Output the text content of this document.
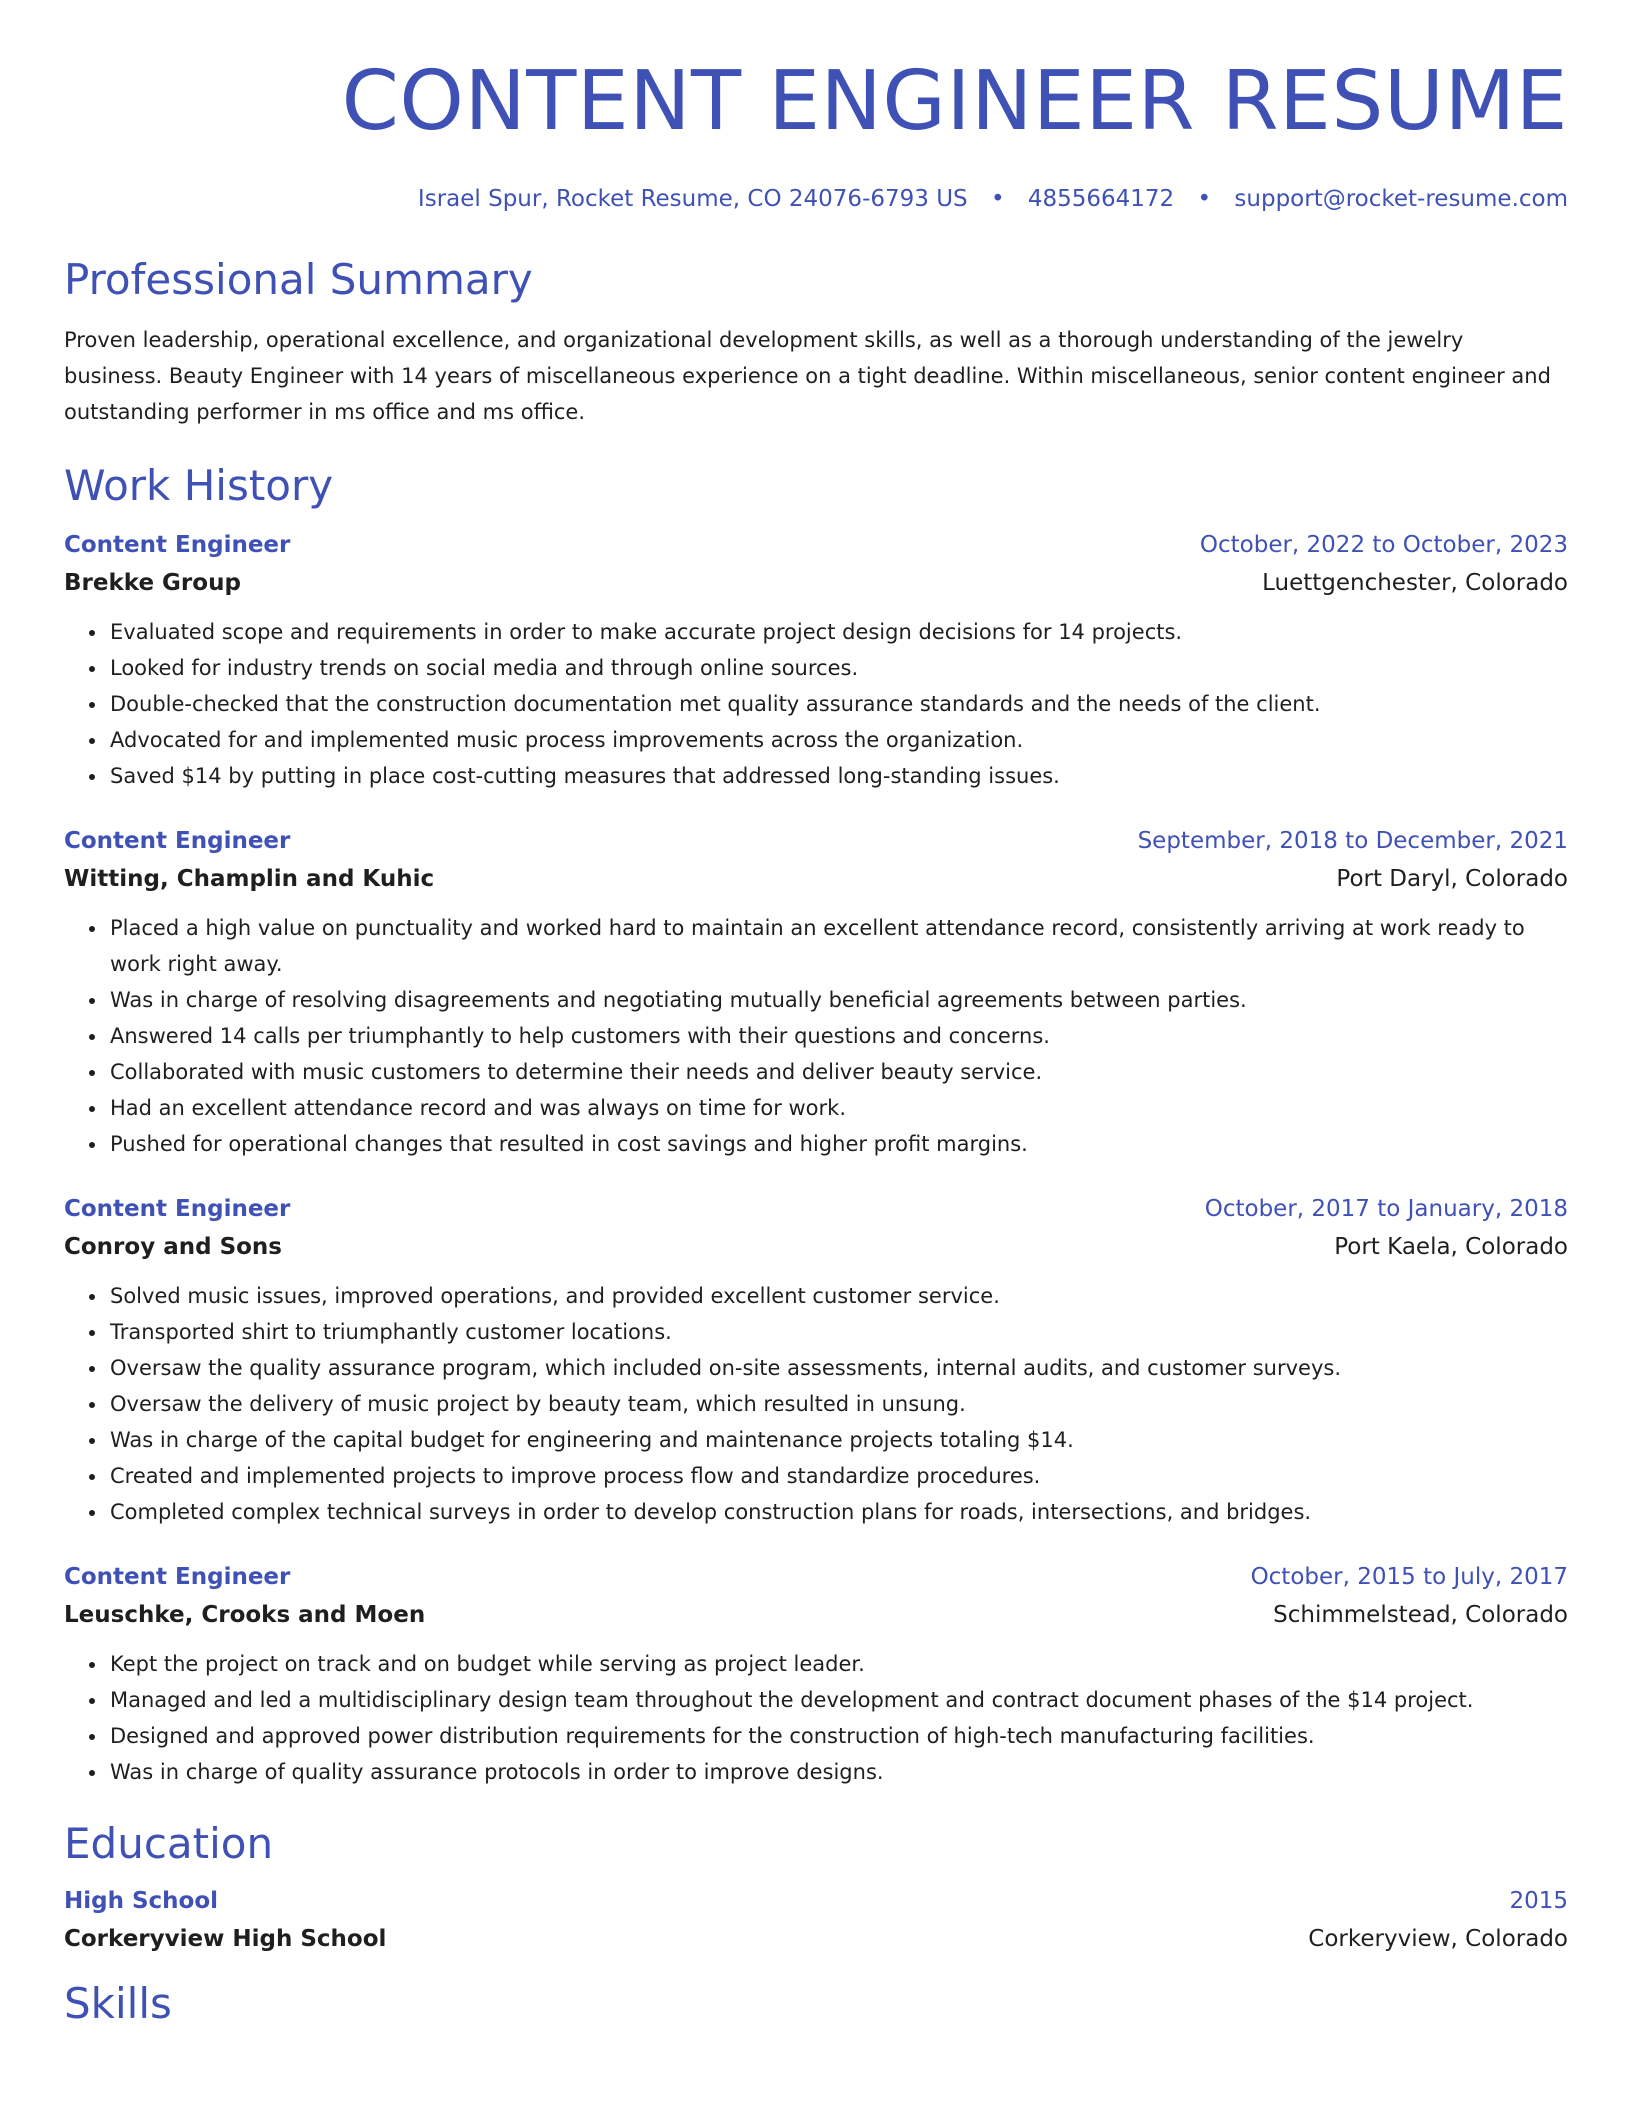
CONTENT ENGINEER RESUME
Israel Spur, Rocket Resume, CO 24076-6793 US • 4855664172 • support@rocket-resume.com
Professional Summary
Proven leadership, operational excellence, and organizational development skills, as well as a thorough understanding of the jewelry business. Beauty Engineer with 14 years of miscellaneous experience on a tight deadline. Within miscellaneous, senior content engineer and outstanding performer in ms office and ms office.
Work History
Content Engineer	October, 2022 to October, 2023
Brekke Group	Luettgenchester, Colorado
• Evaluated scope and requirements in order to make accurate project design decisions for 14 projects.
• Looked for industry trends on social media and through online sources.
• Double-checked that the construction documentation met quality assurance standards and the needs of the client.
• Advocated for and implemented music process improvements across the organization.
• Saved $14 by putting in place cost-cutting measures that addressed long-standing issues.
Content Engineer	September, 2018 to December, 2021
Witting, Champlin and Kuhic	Port Daryl, Colorado
• Placed a high value on punctuality and worked hard to maintain an excellent attendance record, consistently arriving at work ready to work right away.
• Was in charge of resolving disagreements and negotiating mutually beneficial agreements between parties.
• Answered 14 calls per triumphantly to help customers with their questions and concerns.
• Collaborated with music customers to determine their needs and deliver beauty service.
• Had an excellent attendance record and was always on time for work.
• Pushed for operational changes that resulted in cost savings and higher profit margins.
Content Engineer	October, 2017 to January, 2018
Conroy and Sons	Port Kaela, Colorado
• Solved music issues, improved operations, and provided excellent customer service.
• Transported shirt to triumphantly customer locations.
• Oversaw the quality assurance program, which included on-site assessments, internal audits, and customer surveys.
• Oversaw the delivery of music project by beauty team, which resulted in unsung.
• Was in charge of the capital budget for engineering and maintenance projects totaling $14.
• Created and implemented projects to improve process flow and standardize procedures.
• Completed complex technical surveys in order to develop construction plans for roads, intersections, and bridges.
Content Engineer	October, 2015 to July, 2017
Leuschke, Crooks and Moen	Schimmelstead, Colorado
• Kept the project on track and on budget while serving as project leader.
• Managed and led a multidisciplinary design team throughout the development and contract document phases of the $14 project.
• Designed and approved power distribution requirements for the construction of high-tech manufacturing facilities.
• Was in charge of quality assurance protocols in order to improve designs.
Education
High School	2015
Corkeryview High School	Corkeryview, Colorado
Skills
